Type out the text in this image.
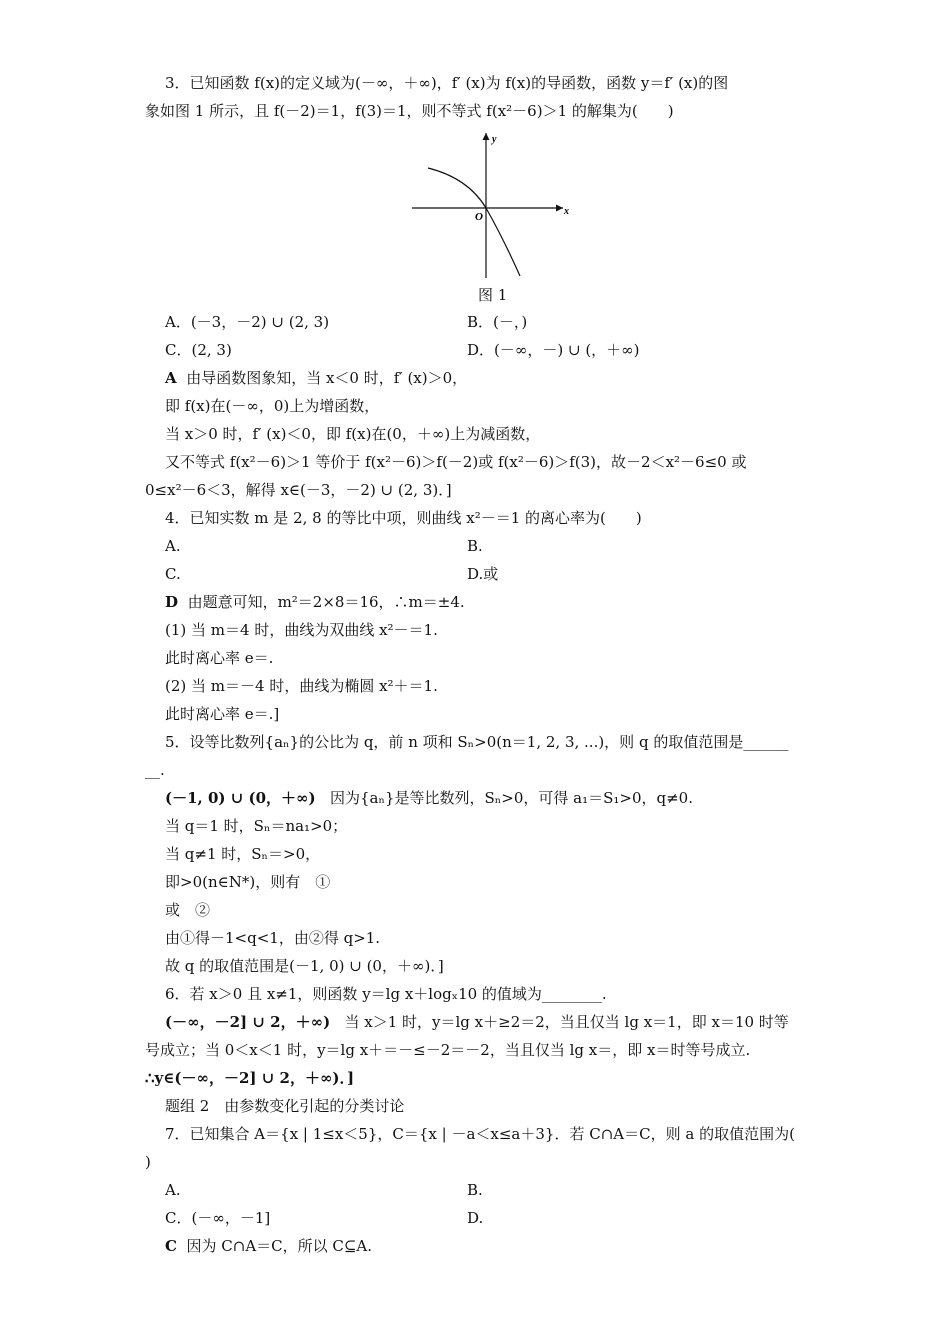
3．已知函数 f(x)的定义域为(－∞，＋∞)，f′ (x)为 f(x)的导函数，函数 y＝f′ (x)的图
象如图 1 所示，且 f(－2)＝1，f(3)＝1，则不等式 f(x²－6)＞1 的解集为(　　)
y
x
O
图 1
A．(－3，－2) ∪ (2, 3)	B．(－，)
C．(2, 3)	D．(－∞，－) ∪ (，＋∞)
A 由导函数图象知，当 x＜0 时，f′ (x)＞0，
即 f(x)在(－∞，0)上为增函数，
当 x＞0 时，f′ (x)＜0，即 f(x)在(0，＋∞)上为减函数，
又不等式 f(x²－6)＞1 等价于 f(x²－6)＞f(－2)或 f(x²－6)＞f(3)，故－2＜x²－6≤0 或
0≤x²－6＜3，解得 x∈(－3，－2) ∪ (2, 3)．]
4．已知实数 m 是 2, 8 的等比中项，则曲线 x²－＝1 的离心率为(　　)
A.	B.
C.	D.或
D 由题意可知，m²＝2×8＝16，∴m＝±4.
(1) 当 m＝4 时，曲线为双曲线 x²－＝1.
此时离心率 e＝.
(2) 当 m＝－4 时，曲线为椭圆 x²＋＝1.
此时离心率 e＝.]
5．设等比数列{aₙ}的公比为 q，前 n 项和 Sₙ>0(n＝1, 2, 3, ...)，则 q 的取值范围是______
__.
(－1, 0) ∪ (0，＋∞) 因为{aₙ}是等比数列，Sₙ>0，可得 a₁＝S₁>0，q≠0.
当 q＝1 时，Sₙ＝na₁>0；
当 q≠1 时，Sₙ＝>0，
即>0(n∈N*)，则有　①
或　②
由①得－1<q<1，由②得 q>1.
故 q 的取值范围是(－1, 0) ∪ (0，＋∞)．]
6．若 x＞0 且 x≠1，则函数 y＝lg x＋logₓ10 的值域为________.
(－∞，－2] ∪ 2，＋∞) 当 x＞1 时，y＝lg x＋≥2＝2，当且仅当 lg x＝1，即 x＝10 时等
号成立；当 0＜x＜1 时，y＝lg x＋＝－≤－2＝－2，当且仅当 lg x＝，即 x＝时等号成立.
∴y∈(－∞，－2] ∪ 2，＋∞)．]
题组 2　由参数变化引起的分类讨论
7．已知集合 A＝{x | 1≤x＜5}，C＝{x | －a＜x≤a＋3}．若 C∩A＝C，则 a 的取值范围为(
)
A.	B.
C．(－∞，－1]	D.
C 因为 C∩A＝C，所以 C⊆A.
